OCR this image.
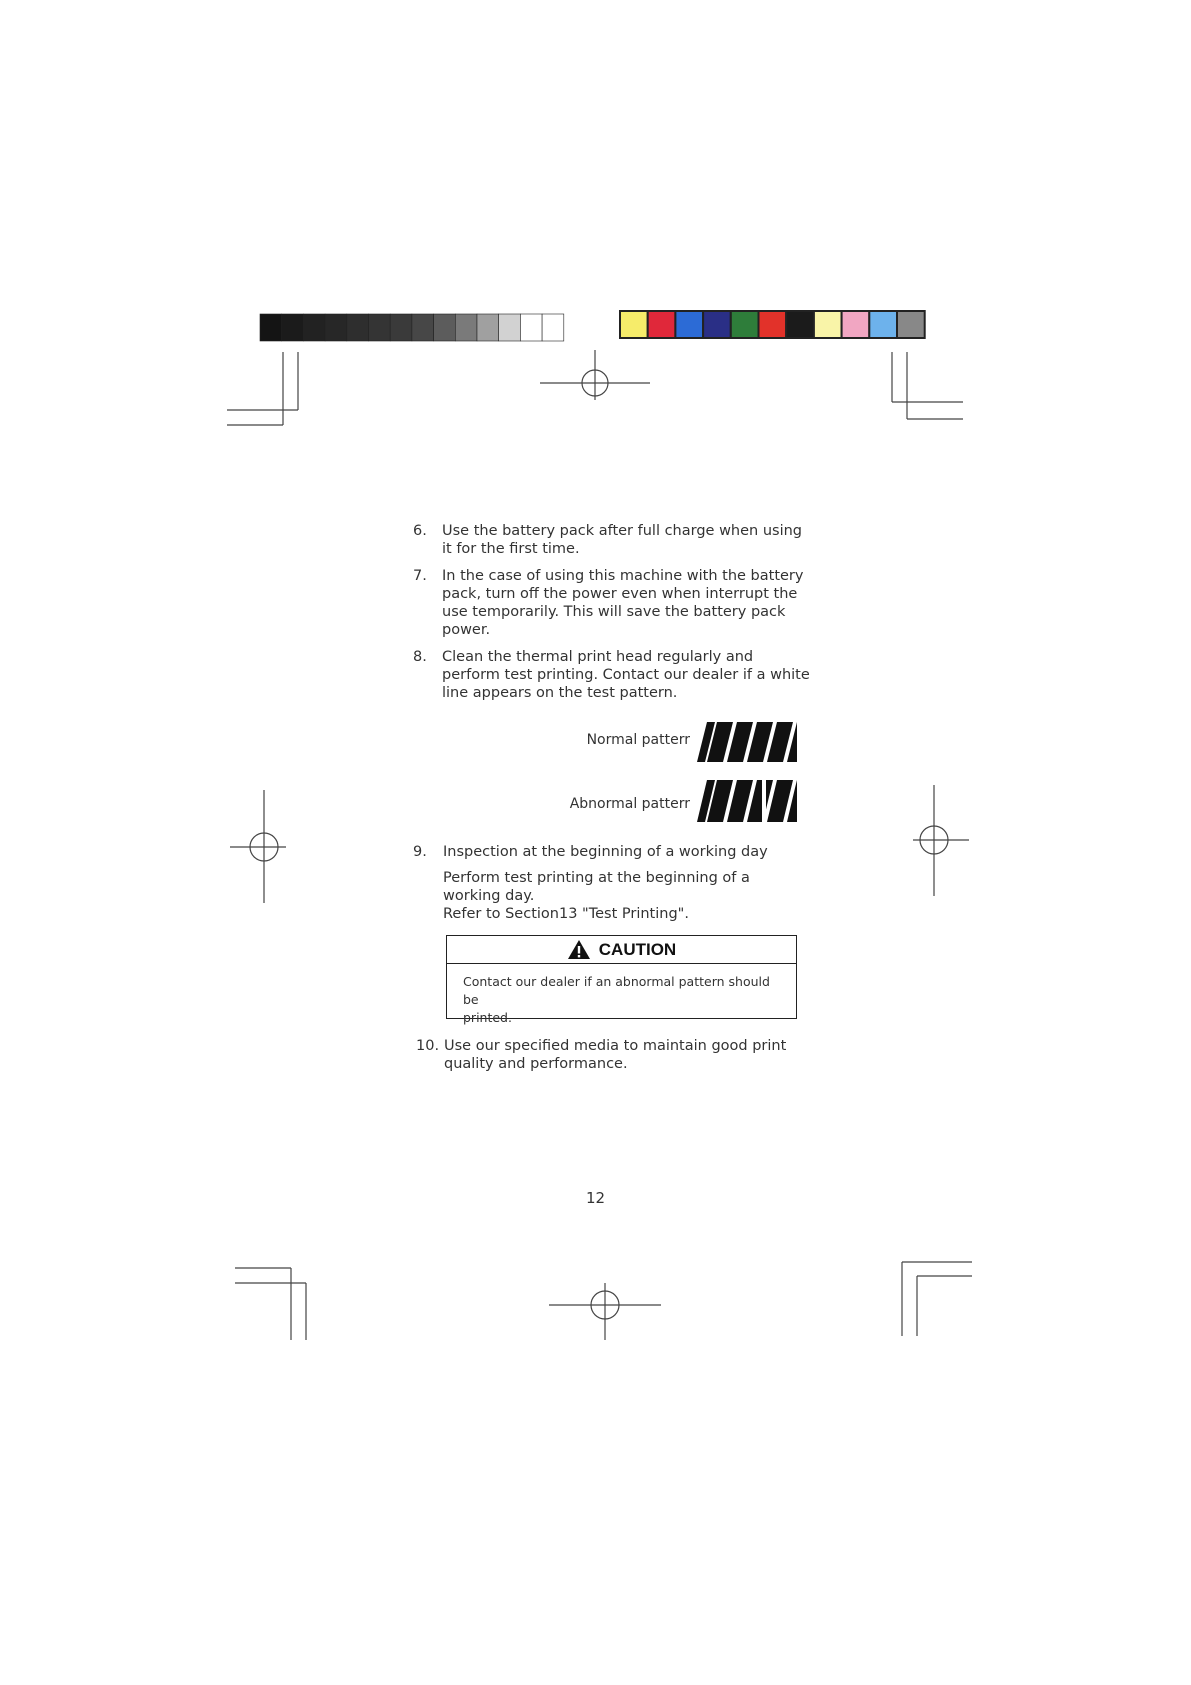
6. Use the battery pack after full charge when using
it for the first time.
7. In the case of using this machine with the battery
pack, turn off the power even when interrupt the
use temporarily. This will save the battery pack
power.
8. Clean the thermal print head regularly and
perform test printing. Contact our dealer if a white
line appears on the test pattern.
Normal patterr
Abnormal patterr
9. Inspection at the beginning of a working day
Perform test printing at the beginning of a
working day.
Refer to Section13 "Test Printing".
CAUTION
Contact our dealer if an abnormal pattern should be
printed.
10. Use our specified media to maintain good print
quality and performance.
12
